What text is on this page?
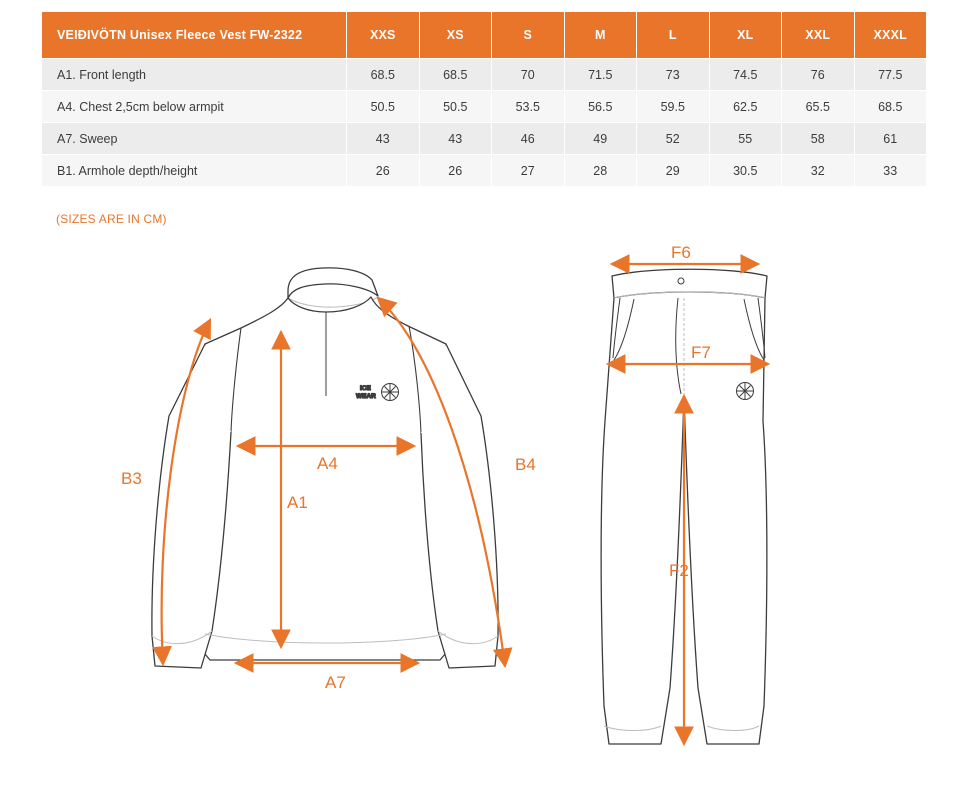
VEIÐIVÖTN Unisex Fleece Vest FW-2322	XXS	XS	S	M	L	XL	XXL	XXXL
A1. Front length	68.5	68.5	70	71.5	73	74.5	76	77.5
A4. Chest 2,5cm below armpit	50.5	50.5	53.5	56.5	59.5	62.5	65.5	68.5
A7. Sweep	43	43	46	49	52	55	58	61
B1. Armhole depth/height	26	26	27	28	29	30.5	32	33
(SIZES ARE IN CM)
ICE
WEAR
B3
B4
A4
A1
A7
F6
F7
F2
